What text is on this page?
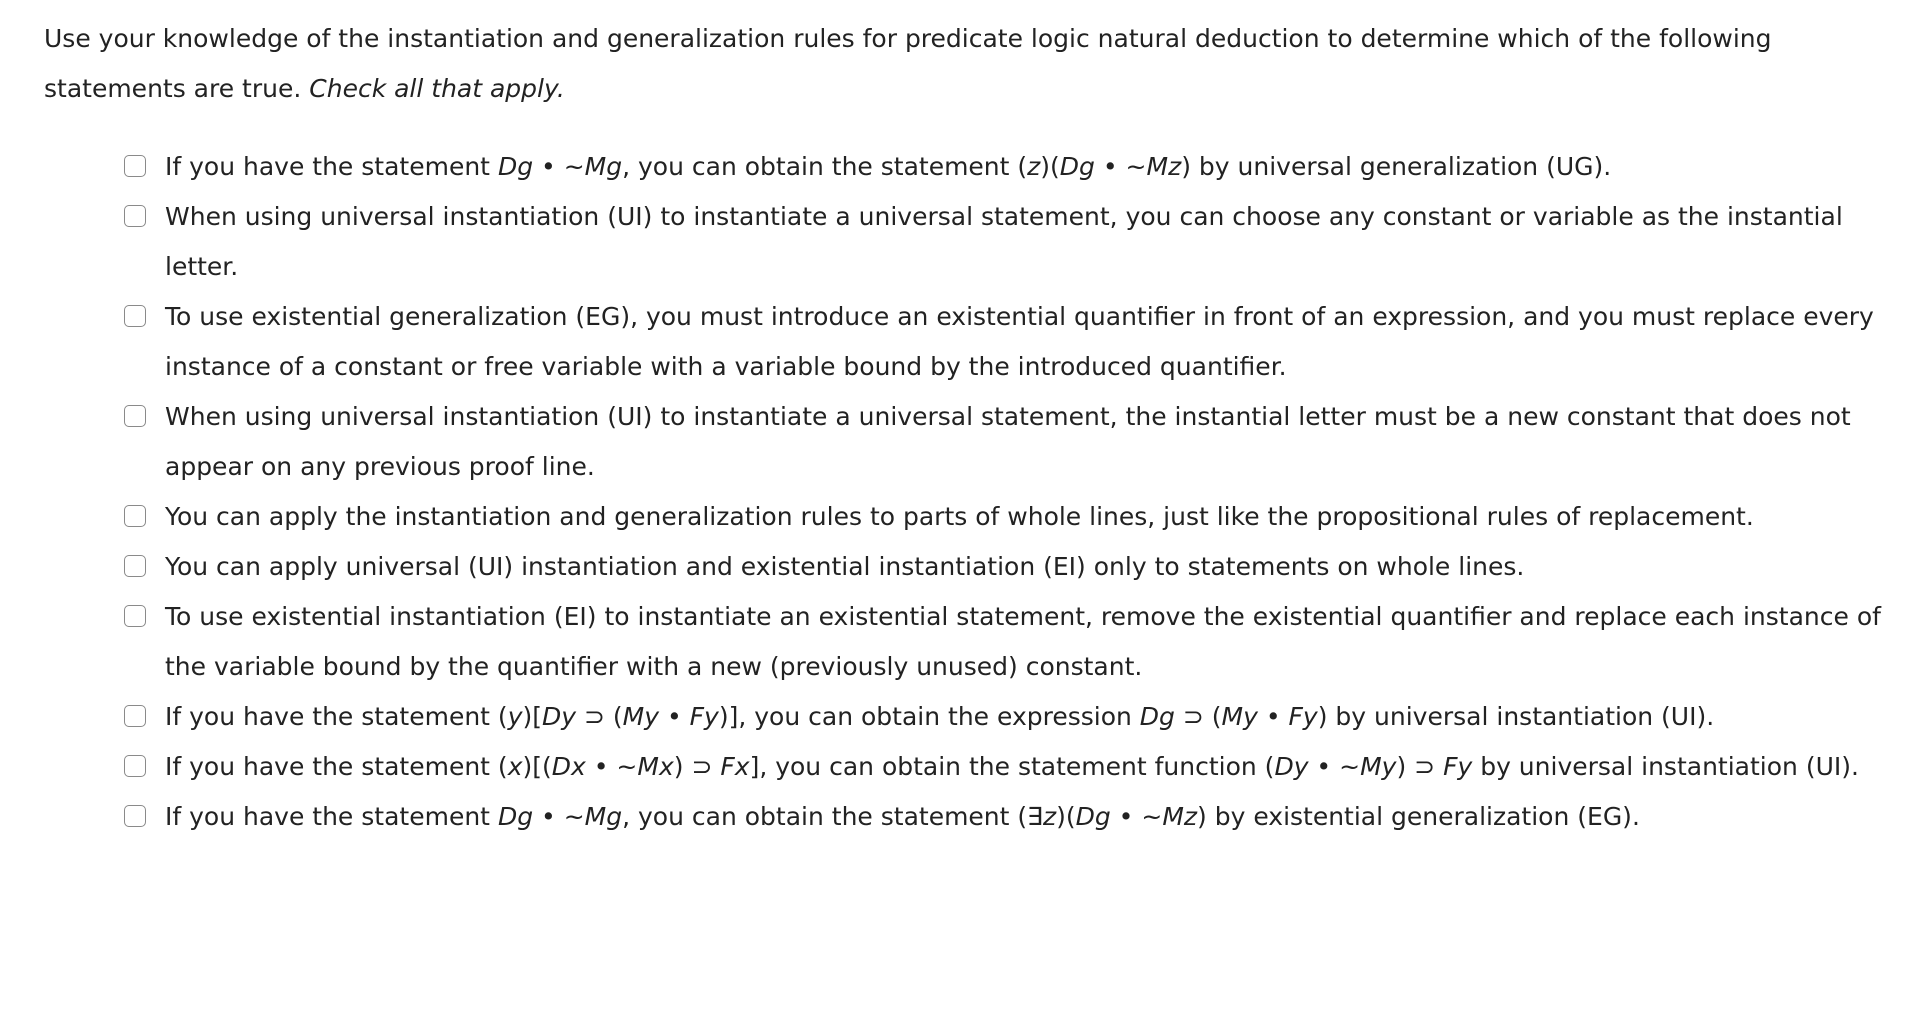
Use your knowledge of the instantiation and generalization rules for predicate logic natural deduction to determine which of the following statements are true. Check all that apply.

If you have the statement Dg • ~Mg, you can obtain the statement (z)(Dg • ~Mz) by universal generalization (UG).
When using universal instantiation (UI) to instantiate a universal statement, you can choose any constant or variable as the instantial letter.
To use existential generalization (EG), you must introduce an existential quantifier in front of an expression, and you must replace every instance of a constant or free variable with a variable bound by the introduced quantifier.
When using universal instantiation (UI) to instantiate a universal statement, the instantial letter must be a new constant that does not appear on any previous proof line.
You can apply the instantiation and generalization rules to parts of whole lines, just like the propositional rules of replacement.
You can apply universal (UI) instantiation and existential instantiation (EI) only to statements on whole lines.
To use existential instantiation (EI) to instantiate an existential statement, remove the existential quantifier and replace each instance of the variable bound by the quantifier with a new (previously unused) constant.
If you have the statement (y)[Dy ⊃ (My • Fy)], you can obtain the expression Dg ⊃ (My • Fy) by universal instantiation (UI).
If you have the statement (x)[(Dx • ~Mx) ⊃ Fx], you can obtain the statement function (Dy • ~My) ⊃ Fy by universal instantiation (UI).
If you have the statement Dg • ~Mg, you can obtain the statement (∃z)(Dg • ~Mz) by existential generalization (EG).
